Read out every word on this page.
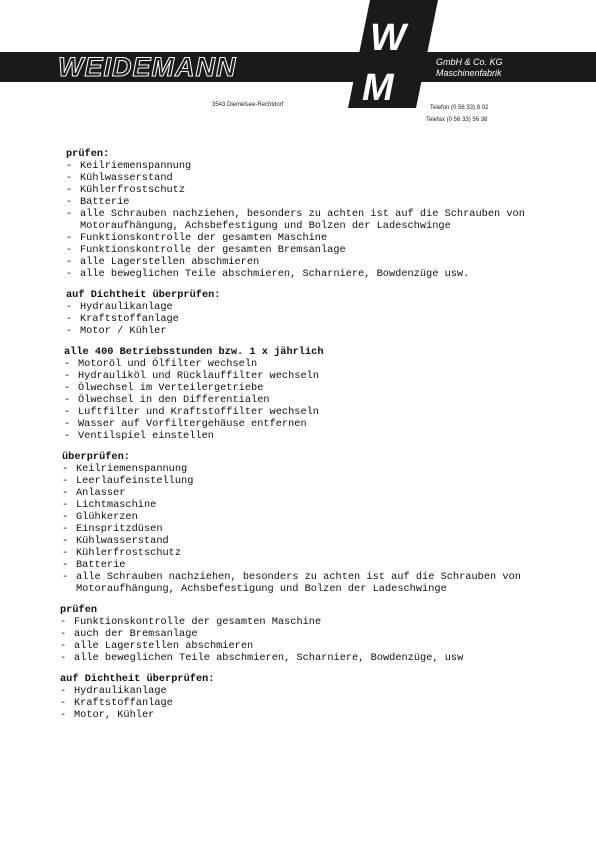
WEIDEMANN
W
M
GmbH & Co. KG
Maschinenfabrik
3543 Diemelsee-Rechtdorf	Telefon (0 56 33) 8 02
Telefax (0 56 33) 56 38
prüfen:
- Keilriemenspannung
- Kühlwasserstand
- Kühlerfrostschutz
- Batterie
- alle Schrauben nachziehen, besonders zu achten ist auf die Schrauben von Motoraufhängung, Achsbefestigung und Bolzen der Ladeschwinge
- Funktionskontrolle der gesamten Maschine
- Funktionskontrolle der gesamten Bremsanlage
- alle Lagerstellen abschmieren
- alle beweglichen Teile abschmieren, Scharniere, Bowdenzüge usw.
auf Dichtheit überprüfen:
- Hydraulikanlage
- Kraftstoffanlage
- Motor / Kühler
alle 400 Betriebsstunden bzw. 1 x jährlich
- Motoröl und Ölfilter wechseln
- Hydrauliköl und Rücklauffilter wechseln
- Ölwechsel im Verteilergetriebe
- Ölwechsel in den Differentialen
- Luftfilter und Kraftstoffilter wechseln
- Wasser auf Vorfiltergehäuse entfernen
- Ventilspiel einstellen
überprüfen:
- Keilriemenspannung
- Leerlaufeinstellung
- Anlasser
- Lichtmaschine
- Glühkerzen
- Einspritzdüsen
- Kühlwasserstand
- Kühlerfrostschutz
- Batterie
- alle Schrauben nachziehen, besonders zu achten ist auf die Schrauben von Motoraufhängung, Achsbefestigung und Bolzen der Ladeschwinge
prüfen
- Funktionskontrolle der gesamten Maschine
- auch der Bremsanlage
- alle Lagerstellen abschmieren
- alle beweglichen Teile abschmieren, Scharniere, Bowdenzüge, usw
auf Dichtheit überprüfen:
- Hydraulikanlage
- Kraftstoffanlage
- Motor, Kühler
